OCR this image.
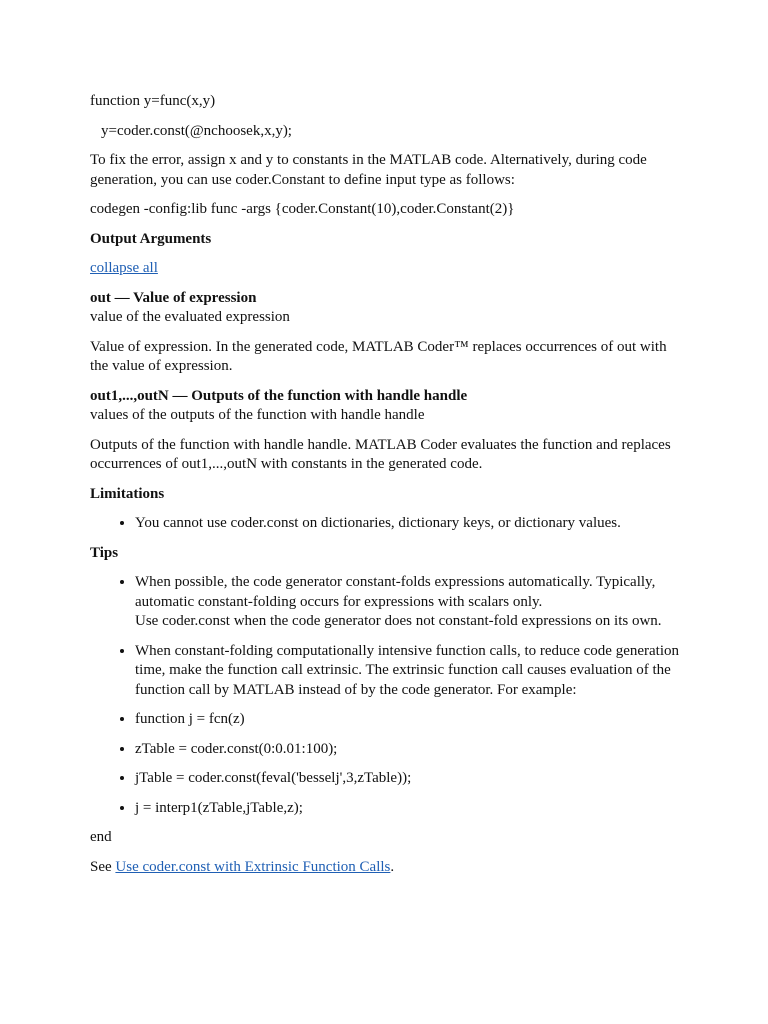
function y=func(x,y)

y=coder.const(@nchoosek,x,y);

To fix the error, assign x and y to constants in the MATLAB code. Alternatively, during code generation, you can use coder.Constant to define input type as follows:

codegen -config:lib func -args {coder.Constant(10),coder.Constant(2)}

Output Arguments

collapse all

out — Value of expression

value of the evaluated expression

Value of expression. In the generated code, MATLAB Coder™ replaces occurrences of out with the value of expression.

out1,...,outN — Outputs of the function with handle handle

values of the outputs of the function with handle handle

Outputs of the function with handle handle. MATLAB Coder evaluates the function and replaces occurrences of out1,...,outN with constants in the generated code.

Limitations

• You cannot use coder.const on dictionaries, dictionary keys, or dictionary values.

Tips

• When possible, the code generator constant-folds expressions automatically. Typically, automatic constant-folding occurs for expressions with scalars only.
Use coder.const when the code generator does not constant-fold expressions on its own.
• When constant-folding computationally intensive function calls, to reduce code generation time, make the function call extrinsic. The extrinsic function call causes evaluation of the function call by MATLAB instead of by the code generator. For example:
• function j = fcn(z)
• zTable = coder.const(0:0.01:100);
• jTable = coder.const(feval('besselj',3,zTable));
• j = interp1(zTable,jTable,z);

end

See Use coder.const with Extrinsic Function Calls.
